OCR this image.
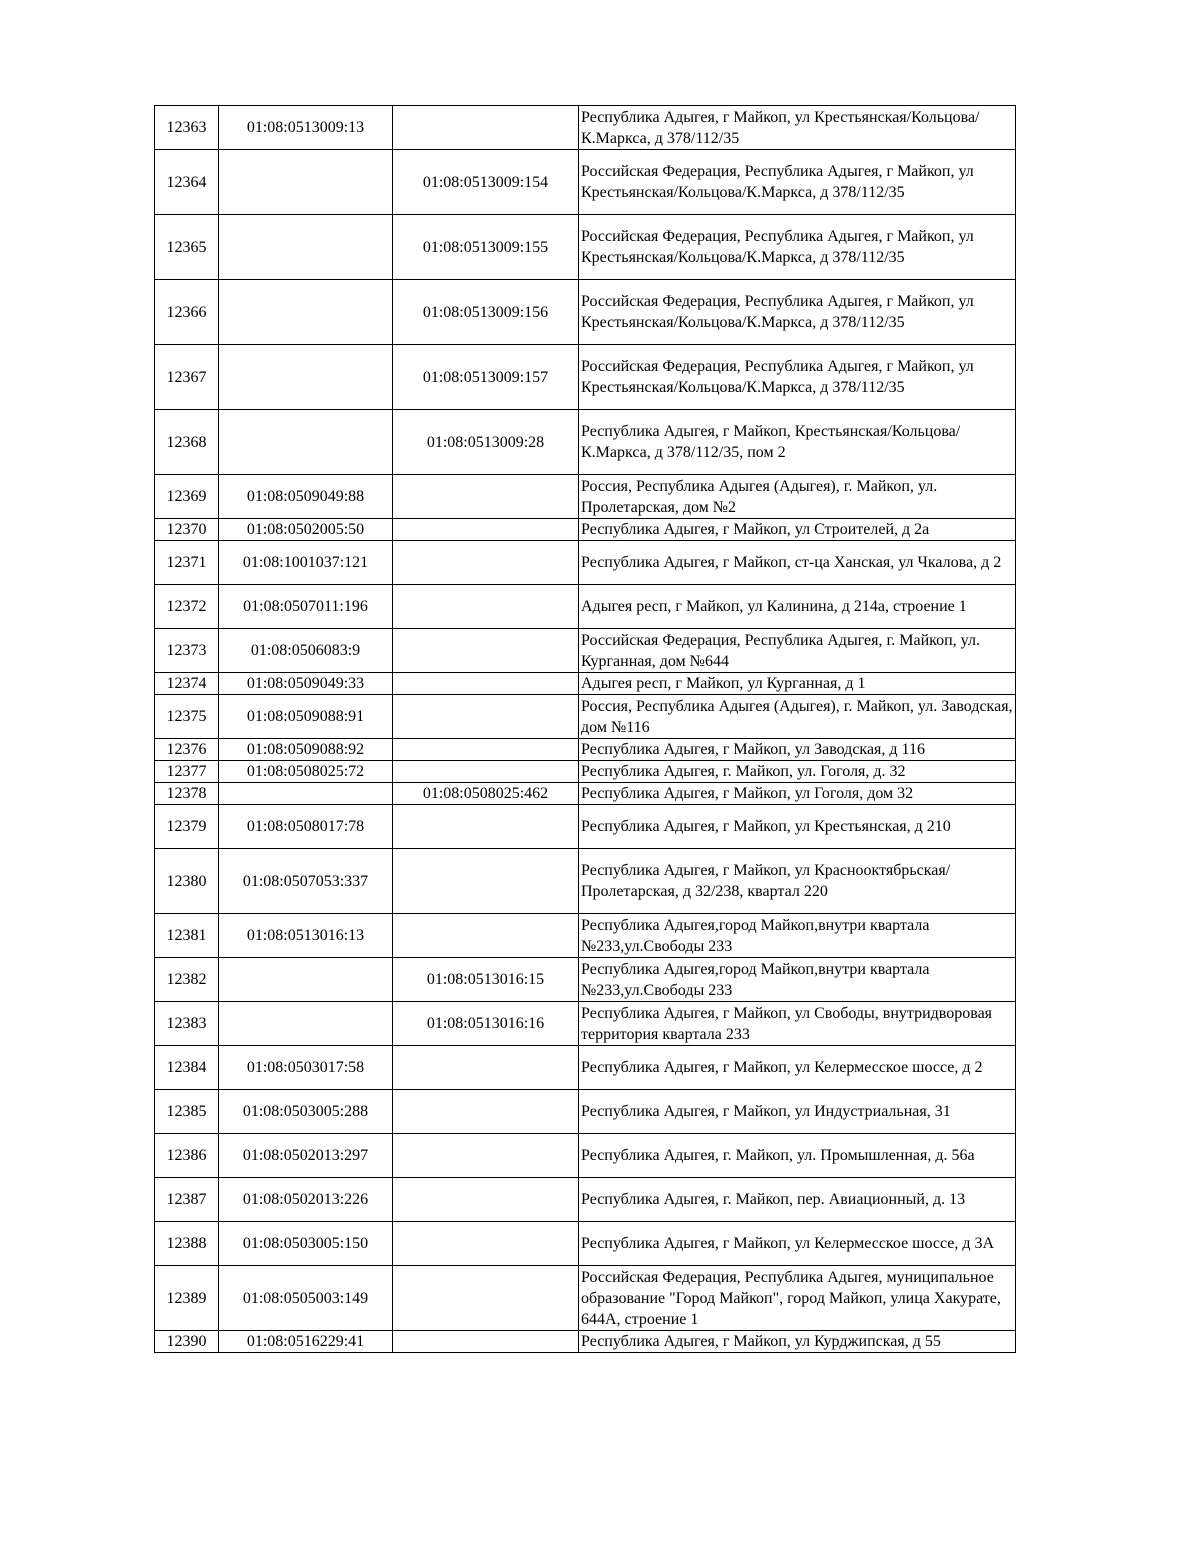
12363	01:08:0513009:13		Республика Адыгея, г Майкоп, ул Крестьянская/Кольцова/К.Маркса, д 378/112/35
12364		01:08:0513009:154	Российская Федерация, Республика Адыгея, г Майкоп, ул Крестьянская/Кольцова/К.Маркса, д 378/112/35
12365		01:08:0513009:155	Российская Федерация, Республика Адыгея, г Майкоп, ул Крестьянская/Кольцова/К.Маркса, д 378/112/35
12366		01:08:0513009:156	Российская Федерация, Республика Адыгея, г Майкоп, ул Крестьянская/Кольцова/К.Маркса, д 378/112/35
12367		01:08:0513009:157	Российская Федерация, Республика Адыгея, г Майкоп, ул Крестьянская/Кольцова/К.Маркса, д 378/112/35
12368		01:08:0513009:28	Республика Адыгея, г Майкоп, Крестьянская/Кольцова/К.Маркса, д 378/112/35, пом 2
12369	01:08:0509049:88		Россия, Республика Адыгея (Адыгея), г. Майкоп, ул. Пролетарская, дом №2
12370	01:08:0502005:50		Республика Адыгея, г Майкоп, ул Строителей, д 2а
12371	01:08:1001037:121		Республика Адыгея, г Майкоп, ст-ца Ханская, ул Чкалова, д 2
12372	01:08:0507011:196		Адыгея респ, г Майкоп, ул Калинина, д 214а, строение 1
12373	01:08:0506083:9		Российская Федерация, Республика Адыгея, г. Майкоп, ул. Курганная, дом №644
12374	01:08:0509049:33		Адыгея респ, г Майкоп, ул Курганная, д 1
12375	01:08:0509088:91		Россия, Республика Адыгея (Адыгея), г. Майкоп, ул. Заводская, дом №116
12376	01:08:0509088:92		Республика Адыгея, г Майкоп, ул Заводская, д 116
12377	01:08:0508025:72		Республика Адыгея, г. Майкоп, ул. Гоголя, д. 32
12378		01:08:0508025:462	Республика Адыгея, г Майкоп, ул Гоголя, дом 32
12379	01:08:0508017:78		Республика Адыгея, г Майкоп, ул Крестьянская, д 210
12380	01:08:0507053:337		Республика Адыгея, г Майкоп, ул Краснооктябрьская/Пролетарская, д 32/238, квартал 220
12381	01:08:0513016:13		Республика Адыгея,город Майкоп,внутри квартала №233,ул.Свободы 233
12382		01:08:0513016:15	Республика Адыгея,город Майкоп,внутри квартала №233,ул.Свободы 233
12383		01:08:0513016:16	Республика Адыгея, г Майкоп, ул Свободы, внутридворовая территория квартала 233
12384	01:08:0503017:58		Республика Адыгея, г Майкоп, ул Келермесское шоссе, д 2
12385	01:08:0503005:288		Республика Адыгея, г Майкоп, ул Индустриальная, 31
12386	01:08:0502013:297		Республика Адыгея, г. Майкоп, ул. Промышленная, д. 56а
12387	01:08:0502013:226		Республика Адыгея, г. Майкоп, пер. Авиационный, д. 13
12388	01:08:0503005:150		Республика Адыгея, г Майкоп, ул Келермесское шоссе, д 3А
12389	01:08:0505003:149		Российская Федерация, Республика Адыгея, муниципальное образование "Город Майкоп", город Майкоп, улица Хакурате, 644А, строение 1
12390	01:08:0516229:41		Республика Адыгея, г Майкоп, ул Курджипская, д 55
